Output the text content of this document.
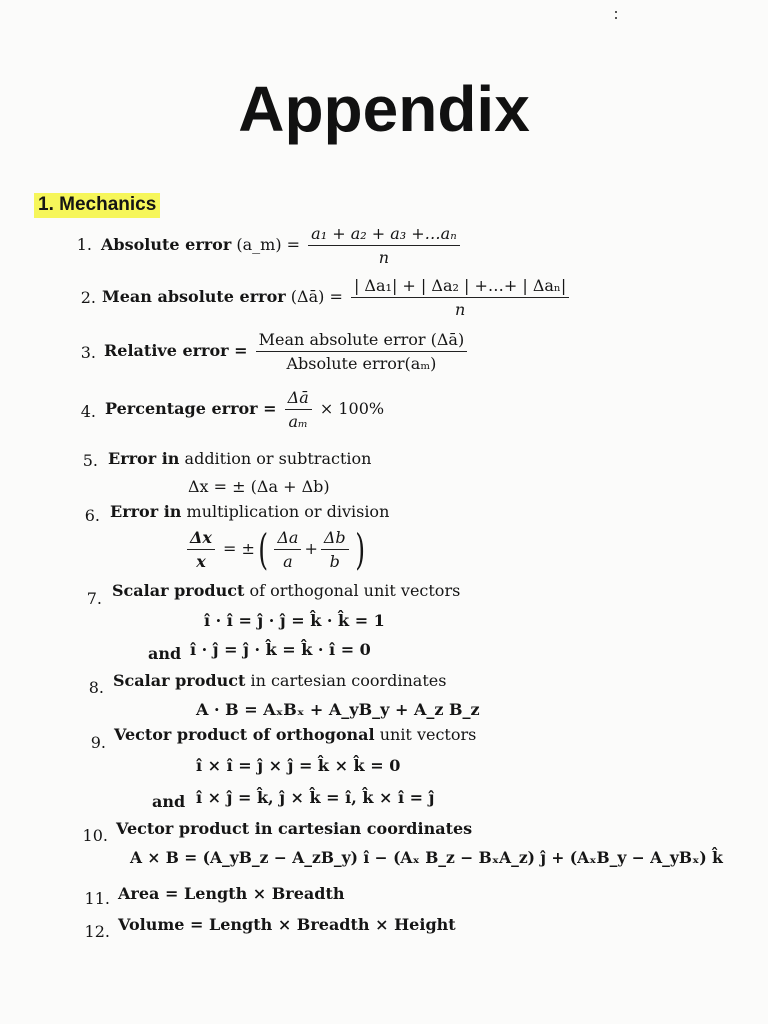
Appendix
1. Mechanics
1. Absolute error (a_m) = $\frac{\text{a₁ + a₂ + a₃ +…aₙ}}{n}$
2. Mean absolute error (Δā) = $\frac{\text{| Δa₁| + | Δa₂ | +…+ | Δaₙ|}}{n}$
3. Relative error = $\frac{\text{Mean absolute error (Δā)}}{\text{Absolute error(aₘ)}}$
4. Percentage error = $\frac{\Delta ā}{\text{aₘ}} \times 100\%$
5. Error in addition or subtraction
Δx = ± (Δa + Δb)
6. Error in multiplication or division
$\frac{\Delta x}{x}$ = ±( $\frac{\Delta a}{a} + \frac{\Delta b}{b}$ )
7. Scalar product of orthogonal unit vectors
î · î = ĵ · ĵ = k̂ · k̂ = 1
and î · ĵ = ĵ · k̂ = k̂ · î = 0
8. Scalar product in cartesian coordinates
A · B = AₓBₓ + A_yB_y + A_z B_z
9. Vector product of orthogonal unit vectors
î × î = ĵ × ĵ = k̂ × k̂ = 0
and î × ĵ = k̂, ĵ × k̂ = î, k̂ × î = ĵ
10. Vector product in cartesian coordinates
A × B = (A_yB_z − A_zB_y) î − (Aₓ B_z − BₓA_z) ĵ + (AₓB_y − A_yBₓ) k̂
11. Area = Length × Breadth
12. Volume = Length × Breadth × Height
